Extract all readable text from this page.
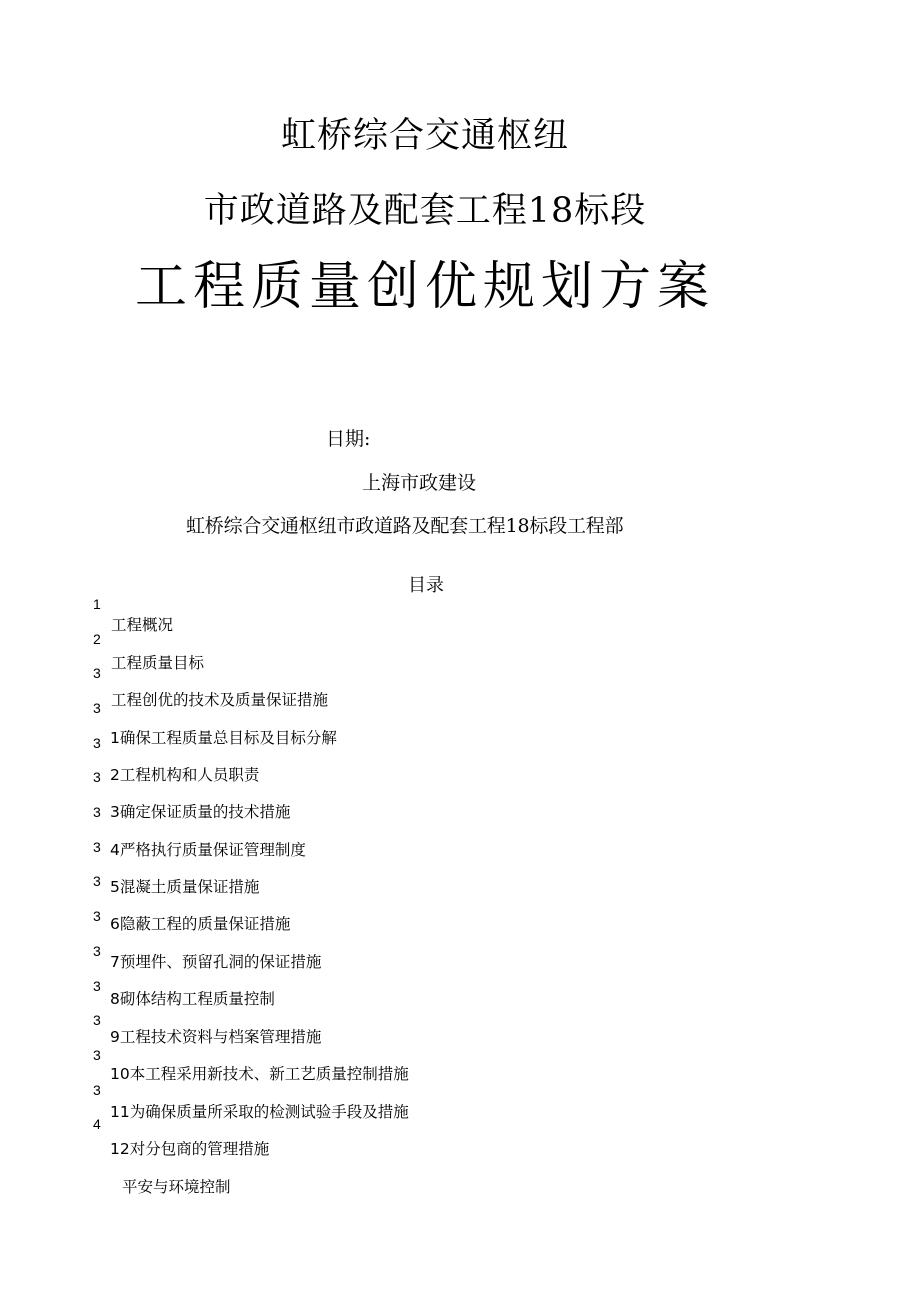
虹桥综合交通枢纽
市政道路及配套工程18标段
工程质量创优规划方案
日期:
上海市政建设
虹桥综合交通枢纽市政道路及配套工程18标段工程部
目录
1
2
3
3
3
3
3
3
3
3
3
3
3
3
3
4
工程概况
工程质量目标
工程创优的技术及质量保证措施
1确保工程质量总目标及目标分解
2工程机构和人员职责
3确定保证质量的技术措施
4严格执行质量保证管理制度
5混凝土质量保证措施
6隐蔽工程的质量保证措施
7预埋件、预留孔洞的保证措施
8砌体结构工程质量控制
9工程技术资料与档案管理措施
10本工程采用新技术、新工艺质量控制措施
11为确保质量所采取的检测试验手段及措施
12对分包商的管理措施
平安与环境控制
